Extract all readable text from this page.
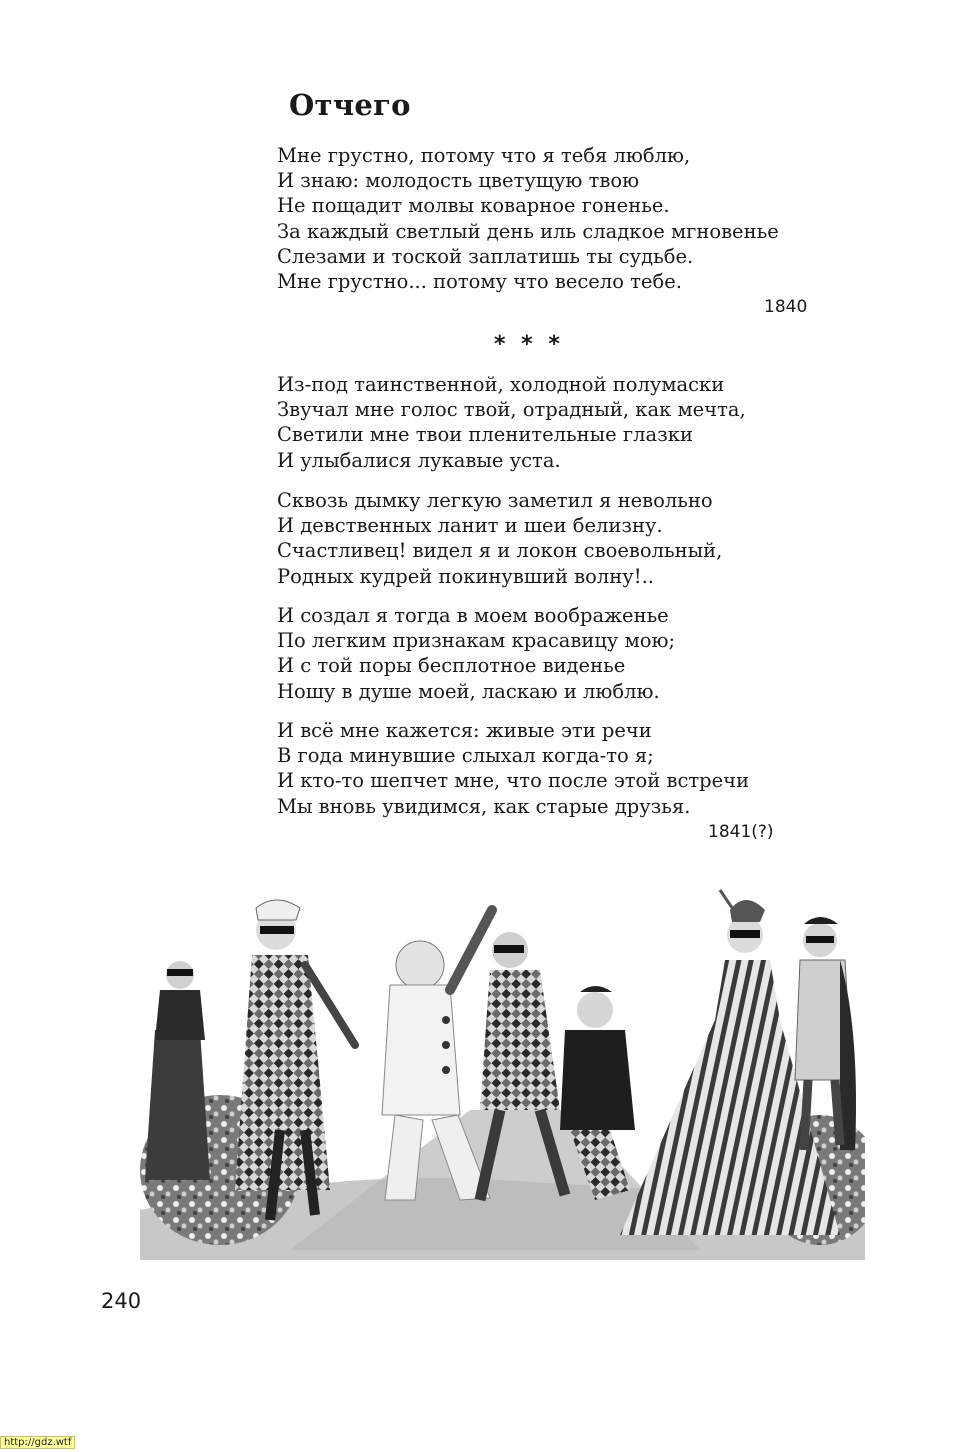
Отчего
Мне грустно, потому что я тебя люблю,
И знаю: молодость цветущую твою
Не пощадит молвы коварное гоненье.
За каждый светлый день иль сладкое мгновенье
Слезами и тоской заплатишь ты судьбе.
Мне грустно... потому что весело тебе.
1840
* * *
Из-под таинственной, холодной полумаски
Звучал мне голос твой, отрадный, как мечта,
Светили мне твои пленительные глазки
И улыбалися лукавые уста.
Сквозь дымку легкую заметил я невольно
И девственных ланит и шеи белизну.
Счастливец! видел я и локон своевольный,
Родных кудрей покинувший волну!..
И создал я тогда в моем воображенье
По легким признакам красавицу мою;
И с той поры бесплотное виденье
Ношу в душе моей, ласкаю и люблю.
И всё мне кажется: живые эти речи
В года минувшие слыхал когда-то я;
И кто-то шепчет мне, что после этой встречи
Мы вновь увидимся, как старые друзья.
1841(?)
240
http://gdz.wtf
